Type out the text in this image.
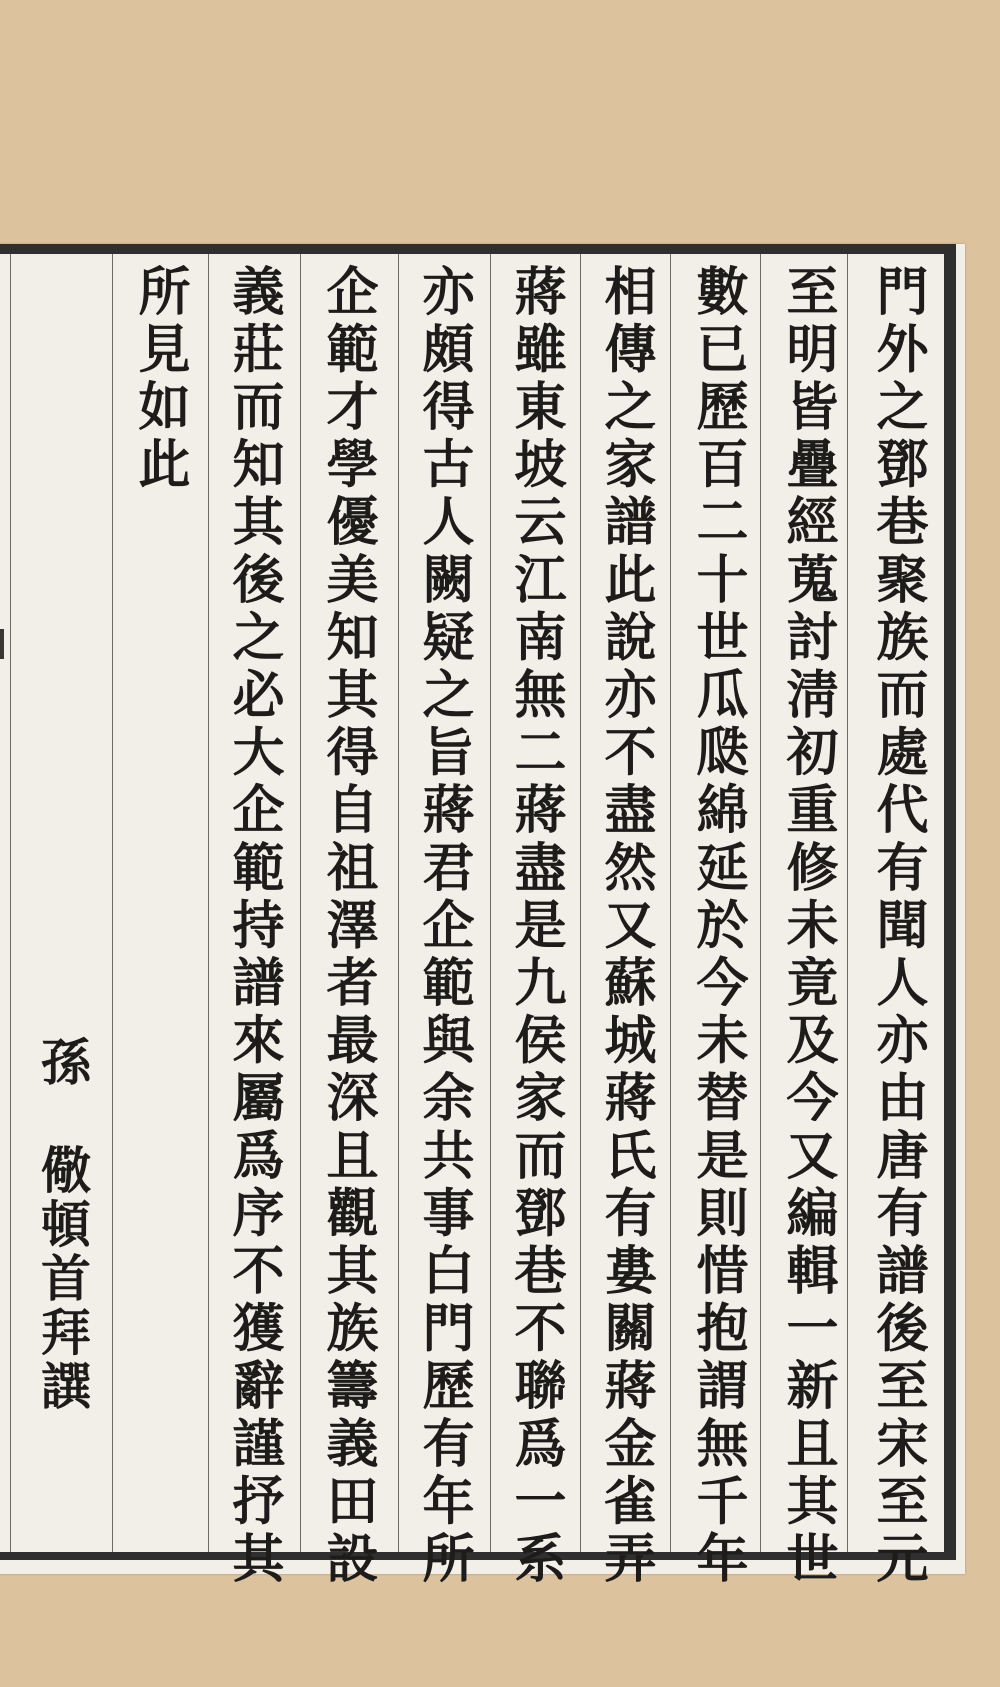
門外之鄧巷聚族而處代有聞人亦由唐有譜後至宋至元
至明皆疊經蒐討淸初重修未竟及今又編輯一新且其世
數已歷百二十世瓜瓞綿延於今未替是則惜抱謂無千年
相傳之家譜此說亦不盡然又蘇城蔣氏有婁關蔣金雀弄
蔣雖東坡云江南無二蔣盡是九侯家而鄧巷不聯爲一系
亦頗得古人闕疑之旨蔣君企範與余共事白門歷有年所
企範才學優美知其得自祖澤者最深且觀其族籌義田設
義莊而知其後之必大企範持譜來屬爲序不獲辭謹抒其
所見如此
孫　儆頓首拜譔
